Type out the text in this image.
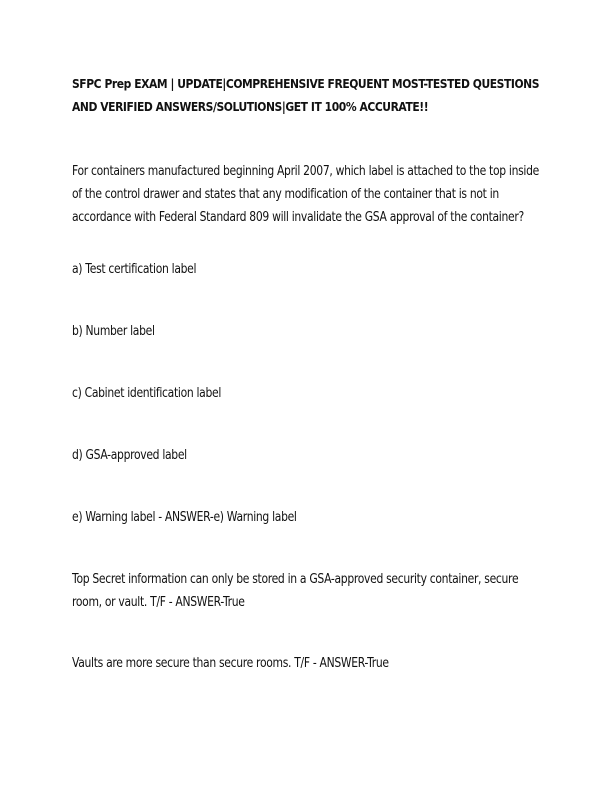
SFPC Prep EXAM | UPDATE|COMPREHENSIVE FREQUENT MOST-TESTED QUESTIONS AND VERIFIED ANSWERS/SOLUTIONS|GET IT 100% ACCURATE!!

For containers manufactured beginning April 2007, which label is attached to the top inside of the control drawer and states that any modification of the container that is not in accordance with Federal Standard 809 will invalidate the GSA approval of the container?

a) Test certification label

b) Number label

c) Cabinet identification label

d) GSA-approved label

e) Warning label - ANSWER-e) Warning label

Top Secret information can only be stored in a GSA-approved security container, secure room, or vault. T/F - ANSWER-True

Vaults are more secure than secure rooms. T/F - ANSWER-True
